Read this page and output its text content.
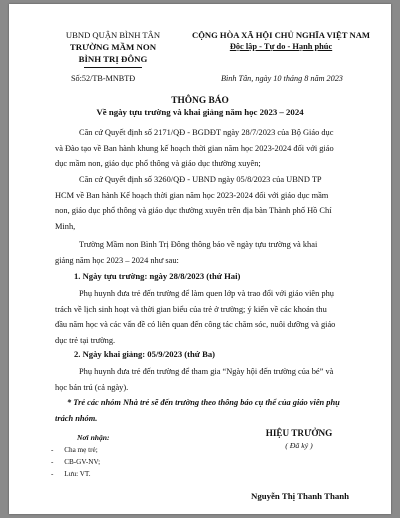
UBND QUẬN BÌNH TÂN
TRƯỜNG MẦM NON
BÌNH TRỊ ĐÔNG
CỘNG HÒA XÃ HỘI CHỦ NGHĨA VIỆT NAM
Độc lập - Tự do - Hạnh phúc
Số:52/TB-MNBTĐ	Bình Tân, ngày 10 tháng 8 năm 2023
THÔNG BÁO
Về ngày tựu trường và khai giảng năm học 2023 – 2024
Căn cứ Quyết định số 2171/QĐ - BGDĐT ngày 28/7/2023 của Bộ Giáo dục
và Đào tạo về Ban hành khung kế hoạch thời gian năm học 2023-2024 đối với giáo
dục mầm non, giáo dục phổ thông và giáo dục thường xuyên;
Căn cứ Quyết định số 3260/QĐ - UBND ngày 05/8/2023 của UBND TP
HCM về Ban hành Kế hoạch thời gian năm học 2023-2024 đối với giáo dục mầm
non, giáo dục phổ thông và giáo dục thường xuyên trên địa bàn Thành phố Hồ Chí
Minh,
Trường Mầm non Bình Trị Đông thông báo về ngày tựu trường và khai
giảng năm học 2023 – 2024 như sau:
1. Ngày tựu trường: ngày 28/8/2023 (thứ Hai)
Phụ huynh đưa trẻ đến trường để làm quen lớp và trao đổi với giáo viên phụ
trách về lịch sinh hoạt và thời gian biểu của trẻ ở trường; ý kiến về các khoản thu
đầu năm học và các vấn đề có liên quan đến công tác chăm sóc, nuôi dưỡng và giáo
dục trẻ tại trường.
2. Ngày khai giảng: 05/9/2023 (thứ Ba)
Phụ huynh đưa trẻ đến trường để tham gia “Ngày hội đến trường của bé” và
học bán trú (cả ngày).
* Trẻ các nhóm Nhà trẻ sẽ đến trường theo thông báo cụ thể của giáo viên phụ
trách nhóm.
Nơi nhận:
-      Cha mẹ trẻ;
-      CB-GV-NV;
-      Lưu: VT.
HIỆU TRƯỞNG
( Đã ký )
Nguyễn Thị Thanh Thanh
